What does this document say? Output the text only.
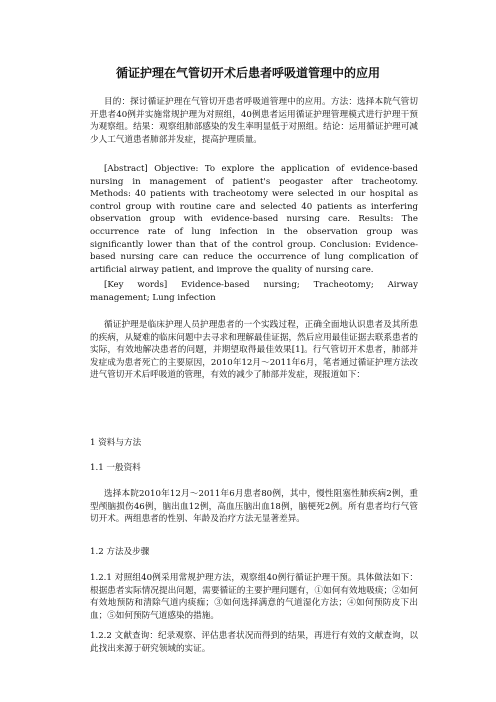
循证护理在气管切开术后患者呼吸道管理中的应用

目的：探讨循证护理在气管切开患者呼吸道管理中的应用。方法：选择本院气管切开患者40例并实施常规护理为对照组，40例患者运用循证护理管理模式进行护理干预为观察组。结果：观察组肺部感染的发生率明显低于对照组。结论：运用循证护理可减少人工气道患者肺部并发症，提高护理质量。

[Abstract] Objective: To explore the application of evidence-based nursing in management of patient's peogaster after tracheotomy. Methods: 40 patients with tracheotomy were selected in our hospital as control group with routine care and selected 40 patients as interfering observation group with evidence-based nursing care. Results: The occurrence rate of lung infection in the observation group was significantly lower than that of the control group. Conclusion: Evidence-based nursing care can reduce the occurrence of lung complication of artificial airway patient, and improve the quality of nursing care.

[Key words] Evidence-based nursing; Tracheotomy; Airway management; Lung infection

循证护理是临床护理人员护理患者的一个实践过程，正确全面地认识患者及其所患的疾病，从疑难的临床问题中去寻求和理解最佳证据，然后应用最佳证据去联系患者的实际，有效地解决患者的问题，并期望取得最佳效果[1]。行气管切开术患者，肺部并发症成为患者死亡的主要原因，2010年12月～2011年6月，笔者通过循证护理方法改进气管切开术后呼吸道的管理，有效的减少了肺部并发症，现报道如下：

1 资料与方法

1.1 一般资料

选择本院2010年12月～2011年6月患者80例，其中，慢性阻塞性肺疾病2例，重型颅脑损伤46例，脑出血12例，高血压脑出血18例，脑梗死2例。所有患者均行气管切开术。两组患者的性别、年龄及治疗方法无显著差异。

1.2 方法及步骤

1.2.1 对照组40例采用常规护理方法，观察组40例行循证护理干预。具体做法如下：根据患者实际情况提出问题，需要循证的主要护理问题有，①如何有效地吸痰；②如何有效地预防和清除气道内痰痂；③如何选择满意的气道湿化方法；④如何预防皮下出血；⑤如何预防气道感染的措施。

1.2.2 文献查询：纪录观察、评估患者状况而得到的结果，再进行有效的文献查询，以此找出来源于研究领域的实证。
